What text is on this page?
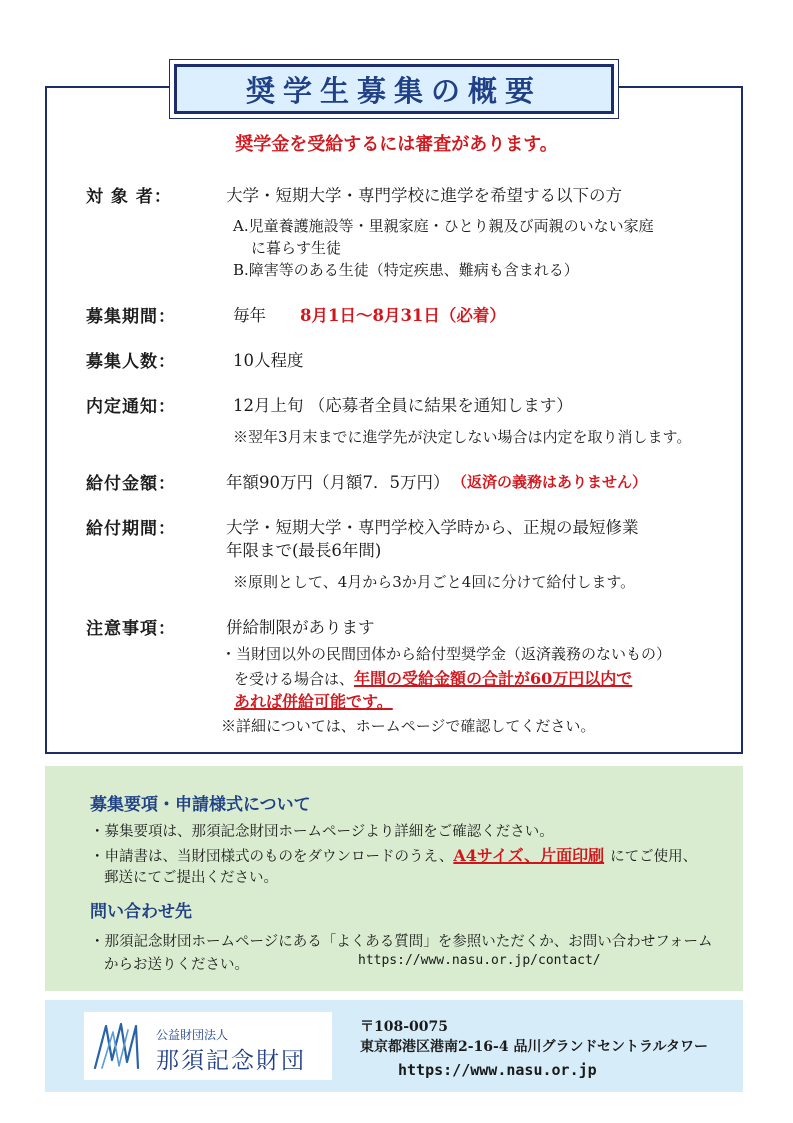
奨学生募集の概要
奨学金を受給するには審査があります。
対 象 者：	大学・短期大学・専門学校に進学を希望する以下の方
A.児童養護施設等・里親家庭・ひとり親及び両親のいない家庭
に暮らす生徒
B.障害等のある生徒（特定疾患、難病も含まれる）
募集期間：	毎年 8月1日～8月31日（必着）
募集人数：	10人程度
内定通知：	12月上旬 （応募者全員に結果を通知します）
※翌年3月末までに進学先が決定しない場合は内定を取り消します。
給付金額：	年額90万円（月額7．5万円） （返済の義務はありません）
給付期間：	大学・短期大学・専門学校入学時から、正規の最短修業
年限まで(最長6年間)
※原則として、4月から3か月ごと4回に分けて給付します。
注意事項：	併給制限があります
・当財団以外の民間団体から給付型奨学金（返済義務のないもの）
を受ける場合は、年間の受給金額の合計が60万円以内で
あれば併給可能です。
※詳細については、ホームページで確認してください。
募集要項・申請様式について
・募集要項は、那須記念財団ホームページより詳細をご確認ください。
・申請書は、当財団様式のものをダウンロードのうえ、A4サイズ、片面印刷 にてご使用、
郵送にてご提出ください。
問い合わせ先
・那須記念財団ホームページにある「よくある質問」を参照いただくか、お問い合わせフォーム
からお送りください。	https://www.nasu.or.jp/contact/
公益財団法人
那須記念財団
〒108-0075
東京都港区港南2-16-4 品川グランドセントラルタワー
https://www.nasu.or.jp
